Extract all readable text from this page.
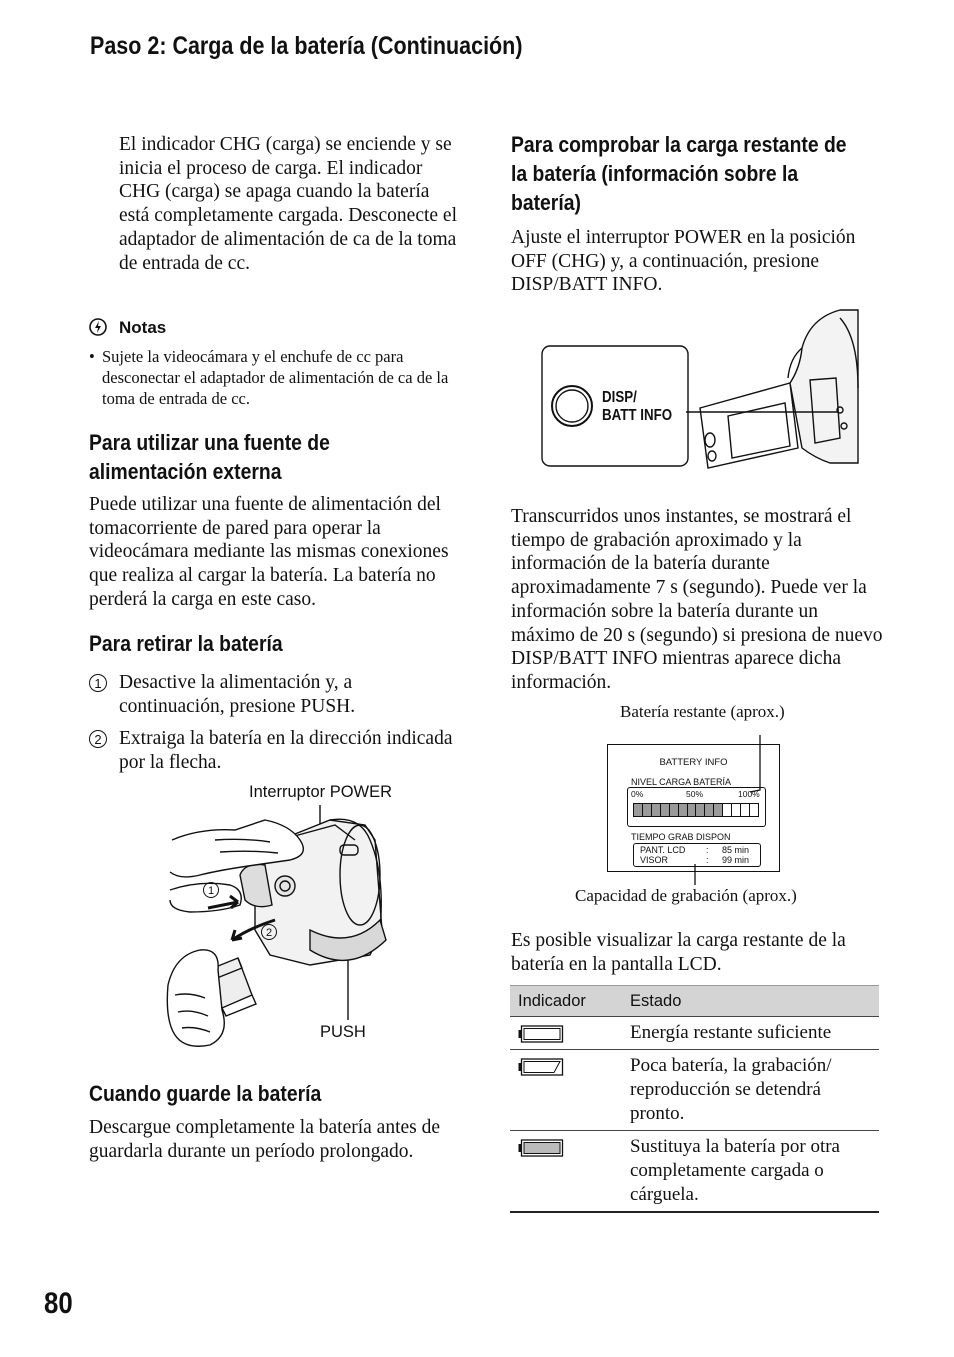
Paso 2: Carga de la batería (Continuación)
El indicador CHG (carga) se enciende y se inicia el proceso de carga. El indicador CHG (carga) se apaga cuando la batería está completamente cargada. Desconecte el adaptador de alimentación de ca de la toma de entrada de cc.
Notas
• Sujete la videocámara y el enchufe de cc para desconectar el adaptador de alimentación de ca de la toma de entrada de cc.
Para utilizar una fuente de
alimentación externa
Puede utilizar una fuente de alimentación del tomacorriente de pared para operar la videocámara mediante las mismas conexiones que realiza al cargar la batería. La batería no perderá la carga en este caso.
Para retirar la batería
1 Desactive la alimentación y, a continuación, presione PUSH.
2 Extraiga la batería en la dirección indicada por la flecha.
Interruptor POWER
PUSH
1
2
Cuando guarde la batería
Descargue completamente la batería antes de guardarla durante un período prolongado.
Para comprobar la carga restante de
la batería (información sobre la
batería)
Ajuste el interruptor POWER en la posición OFF (CHG) y, a continuación, presione DISP/BATT INFO.
DISP/
BATT INFO
Transcurridos unos instantes, se mostrará el tiempo de grabación aproximado y la información de la batería durante aproximadamente 7 s (segundo). Puede ver la información sobre la batería durante un máximo de 20 s (segundo) si presiona de nuevo DISP/BATT INFO mientras aparece dicha información.
Batería restante (aprox.)
BATTERY INFO
NIVEL CARGA BATERÍA
0%	50%	100%
TIEMPO GRAB DISPON
PANT. LCD : 85 min
VISOR	: 99 min
Capacidad de grabación (aprox.)
Es posible visualizar la carga restante de la batería en la pantalla LCD.
Indicador	Estado

	Energía restante suficiente

	Poca batería, la grabación/ reproducción se detendrá pronto.

	Sustituya la batería por otra completamente cargada o cárguela.
80
